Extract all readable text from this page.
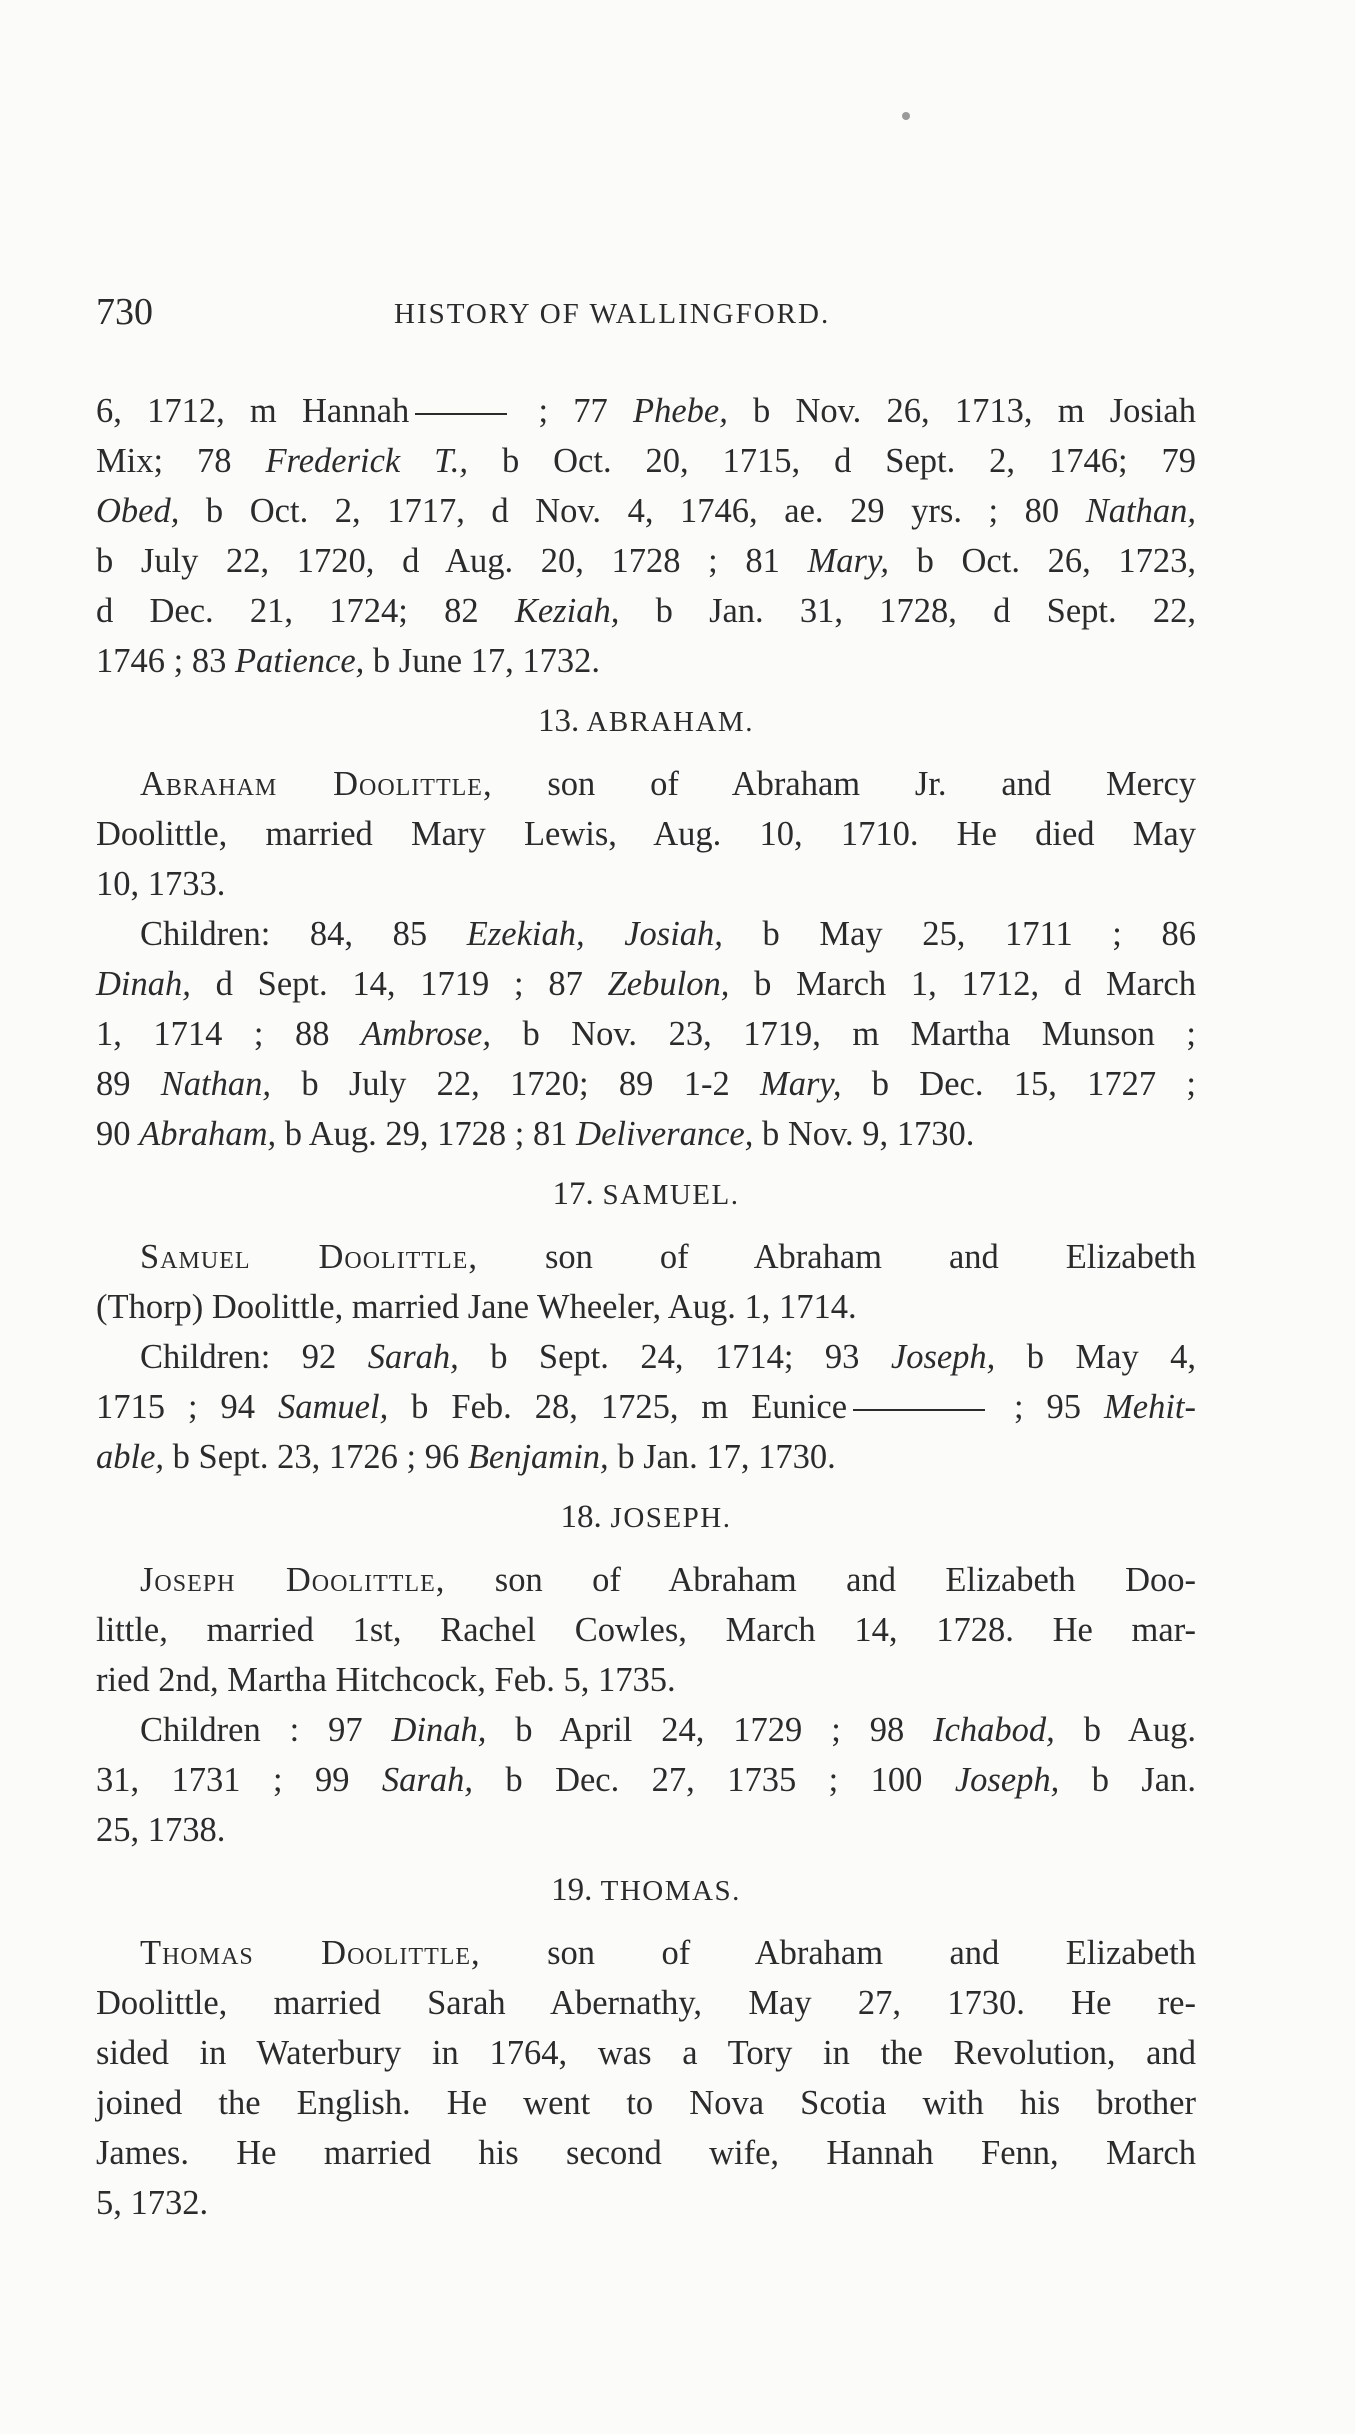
730	HISTORY OF WALLINGFORD.
6, 1712, m Hannah	; 77 Phebe, b Nov. 26, 1713, m Josiah
Mix; 78 Frederick T., b Oct. 20, 1715, d Sept. 2, 1746; 79
Obed, b Oct. 2, 1717, d Nov. 4, 1746, ae. 29 yrs. ; 80 Nathan,
b July 22, 1720, d Aug. 20, 1728 ; 81 Mary, b Oct. 26, 1723,
d Dec. 21, 1724; 82 Keziah, b Jan. 31, 1728, d Sept. 22,
1746 ; 83 Patience, b June 17, 1732.
13. ABRAHAM.
Abraham Doolittle, son of Abraham Jr. and Mercy
Doolittle, married Mary Lewis, Aug. 10, 1710. He died May
10, 1733.
Children: 84, 85 Ezekiah, Josiah, b May 25, 1711 ; 86
Dinah, d Sept. 14, 1719 ; 87 Zebulon, b March 1, 1712, d March
1, 1714 ; 88 Ambrose, b Nov. 23, 1719, m Martha Munson ;
89 Nathan, b July 22, 1720; 89 1-2 Mary, b Dec. 15, 1727 ;
90 Abraham, b Aug. 29, 1728 ; 81 Deliverance, b Nov. 9, 1730.
17. SAMUEL.
Samuel Doolittle, son of Abraham and Elizabeth
(Thorp) Doolittle, married Jane Wheeler, Aug. 1, 1714.
Children: 92 Sarah, b Sept. 24, 1714; 93 Joseph, b May 4,
1715 ; 94 Samuel, b Feb. 28, 1725, m Eunice	; 95 Mehit-
able, b Sept. 23, 1726 ; 96 Benjamin, b Jan. 17, 1730.
18. JOSEPH.
Joseph Doolittle, son of Abraham and Elizabeth Doo-
little, married 1st, Rachel Cowles, March 14, 1728. He mar-
ried 2nd, Martha Hitchcock, Feb. 5, 1735.
Children : 97 Dinah, b April 24, 1729 ; 98 Ichabod, b Aug.
31, 1731 ; 99 Sarah, b Dec. 27, 1735 ; 100 Joseph, b Jan.
25, 1738.
19. THOMAS.
Thomas Doolittle, son of Abraham and Elizabeth
Doolittle, married Sarah Abernathy, May 27, 1730. He re-
sided in Waterbury in 1764, was a Tory in the Revolution, and
joined the English. He went to Nova Scotia with his brother
James. He married his second wife, Hannah Fenn, March
5, 1732.
